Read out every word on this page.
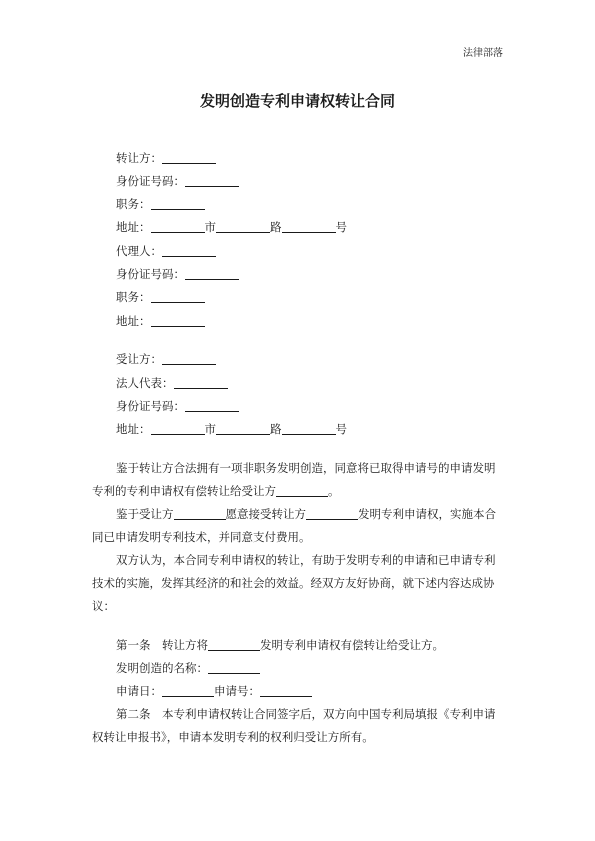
法律部落
发明创造专利申请权转让合同
转让方：
身份证号码：
职务：
地址：	市	路	号
代理人：
身份证号码：
职务：
地址：
受让方：
法人代表：
身份证号码：
地址：	市	路	号
鉴于转让方合法拥有一项非职务发明创造，同意将已取得申请号的申请发明
专利的专利申请权有偿转让给受让方	。
鉴于受让方	愿意接受转让方	发明专利申请权，实施本合
同已申请发明专利技术，并同意支付费用。
双方认为，本合同专利申请权的转让，有助于发明专利的申请和已申请专利
技术的实施，发挥其经济的和社会的效益。经双方友好协商，就下述内容达成协
议：
第一条　转让方将	发明专利申请权有偿转让给受让方。
发明创造的名称：
申请日：	申请号：
第二条　本专利申请权转让合同签字后，双方向中国专利局填报《专利申请
权转让申报书》，申请本发明专利的权利归受让方所有。
